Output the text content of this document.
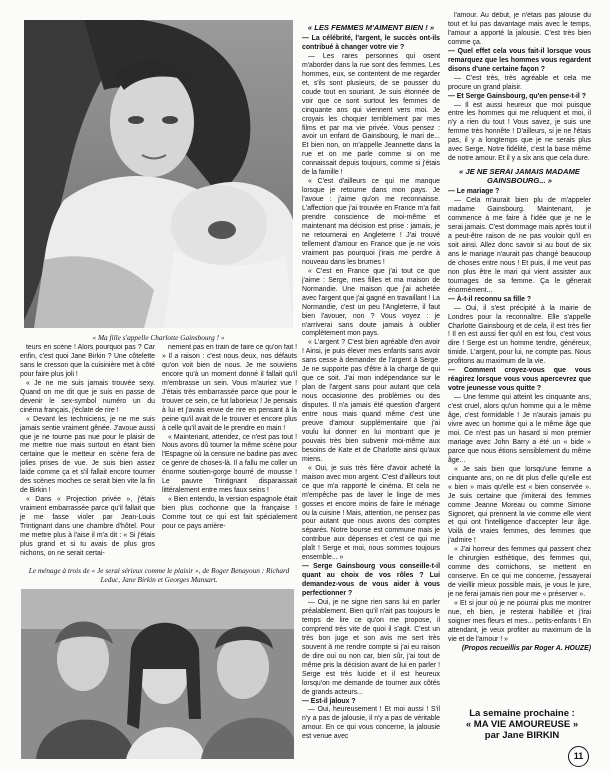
« Ma fille s'appelle Charlotte Gainsbourg ! »

teurs en scène ! Alors pourquoi pas ? Car enfin, c'est quoi Jane Birkin ? Une côtelette sans le cresson que la cuisinière met à côté pour faire plus joli !

« Je ne me suis jamais trouvée sexy. Quand on me dit que je suis en passe de devenir le sex-symbol numéro un du cinéma français, j'éclate de rire !

« Devant les techniciens, je ne me suis jamais sentie vraiment gênée. J'avoue aussi que je ne tourne pas nue pour le plaisir de me mettre nue mais surtout en étant bien certaine que le metteur en scène fera de jolies prises de vue. Je suis bien assez laide comme ça et s'il fallait encore tourner des scènes moches ce serait bien vite la fin de Birkin !

« Dans « Projection privée », j'étais vraiment embarrassée parce qu'il fallait que je me fasse violer par Jean-Louis Trintignant dans une chambre d'hôtel. Pour me mettre plus à l'aise il m'a dit : « Si j'étais plus grand et si tu avais de plus gros nichons, on ne serait certai-

nement pas en train de faire ce qu'on fait ! » Il a raison : c'est nous deux, nos défauts qu'on voit bien de nous. Je me souviens encore qu'à un moment donné il fallait qu'il m'embrasse un sein. Vous m'auriez vue ! J'étais très embarrassée parce que pour le trouver ce sein, ce fut laborieux ! Je pensais à lui et j'avais envie de rire en pensant à la peine qu'il avait de le trouver et encore plus à celle qu'il avait de le prendre en main !

« Maintenant, attendez, ce n'est pas tout ! Nous avons dû tourner la même scène pour l'Espagne où la censure ne badine pas avec ce genre de choses-là. Il a fallu me coller un énorme soutien-gorge bourré de mousse ! Le pauvre Trintignant disparaissait littéralement entre mes faux seins !

« Bien entendu, la version espagnole était bien plus cochonne que la française ! Comme tout ce qui est fait spécialement pour ce pays arrière-

Le ménage à trois de « Je serai sérieux comme le plaisir », de Roger Benayoun : Richard Leduc, Jane Birkin et Georges Mansart.
« LES FEMMES M'AIMENT BIEN ! »

— La célébrité, l'argent, le succès ont-ils contribué à changer votre vie ?

— Les rares personnes qui osent m'aborder dans la rue sont des femmes. Les hommes, eux, se contentent de me regarder et, s'ils sont plusieurs, de se pousser du coude tout en souriant. Je suis étonnée de voir que ce sont surtout les femmes de cinquante ans qui viennent vers moi. Je croyais les choquer terriblement par mes films et par ma vie privée. Vous pensez : avoir un enfant de Gainsbourg, le mari de... Et bien non, on m'appelle Jeannette dans la rue et on me parle comme si on me connaissait depuis toujours, comme si j'étais de la famille !

« C'est d'ailleurs ce qui me manque lorsque je retourne dans mon pays. Je l'avoue : j'aime qu'on me reconnaisse. L'affection que j'ai trouvée en France m'a fait prendre conscience de moi-même et maintenant ma décision est prise : jamais, je ne retournerai en Angleterre ! J'ai trouvé tellement d'amour en France que je ne vois vraiment pas pourquoi j'irais me perdre à nouveau dans les brumes !

« C'est en France que j'ai tout ce que j'aime : Serge, mes filles et ma maison de Normandie. Une maison que j'ai achetée avec l'argent que j'ai gagné en travaillant ! La Normandie, c'est un peu l'Angleterre, il faut bien l'avouer, non ? Vous voyez : je n'arriverai sans doute jamais à oublier complètement mon pays.

« L'argent ? C'est bien agréable d'en avoir ! Ainsi, je puis élever mes enfants sans avoir sans cesse à demander de l'argent à Serge. Je ne supporte pas d'être à la charge de qui que ce soit. J'ai mon indépendance sur le plan de l'argent sans pour autant que cela nous occasionne des problèmes ou des disputes. Il n'a jamais été question d'argent entre nous mais quand même c'est une preuve d'amour supplémentaire que j'ai voulu lui donner en lui montrant que je pouvais très bien subvenir moi-même aux besoins de Kate et de Charlotte ainsi qu'aux miens.

« Oui, je suis très fière d'avoir acheté la maison avec mon argent. C'est d'ailleurs tout ce que m'a rapporté le cinéma. Et cela ne m'empêche pas de laver le linge de mes gosses et encore moins de faire le ménage ou la cuisine ! Mais, attention, ne pensez pas pour autant que nous avons des comptes séparés. Notre bourse est commune mais je contribue aux dépenses et c'est ce qui me plaît ! Serge et moi, nous sommes toujours ensemble... »

— Serge Gainsbourg vous conseille-t-il quant au choix de vos rôles ? Lui demandez-vous de vous aider à vous perfectionner ?

— Oui, je ne signe rien sans lui en parler préalablement. Bien qu'il n'ait pas toujours le temps de lire ce qu'on me propose, il comprend très vite de quoi il s'agit. C'est un très bon juge et son avis me sert très souvent à me rendre compte si j'ai eu raison de dire oui ou non car, bien sûr, j'ai tout de même pris la décision avant de lui en parler ! Serge est très lucide et il est heureux lorsqu'on me demande de tourner aux côtés de grands acteurs...

— Est-il jaloux ?

— Oui, heureusement ! Et moi aussi ! S'il n'y a pas de jalousie, il n'y a pas de véritable amour. En ce qui vous concerne, la jalousie est venue avec

l'amour. Au début, je n'étais pas jalouse du tout et lui pas davantage mais avec le temps, l'amour a apporté la jalousie. C'est très bien comme ça.

— Quel effet cela vous fait-il lorsque vous remarquez que les hommes vous regardent disons d'une certaine façon ?

— C'est très, très agréable et cela me procure un grand plaisir.

— Et Serge Gainsbourg, qu'en pense-t-il ?

— Il est aussi heureux que moi puisque entre les hommes qui me reluquent et moi, il n'y a rien du tout ! Vous savez, je suis une femme très honnête ! D'ailleurs, si je ne l'étais pas, il y a longtemps que je ne serais plus avec Serge. Notre fidélité, c'est la base même de notre amour. Et il y a six ans que cela dure.

« JE NE SERAI JAMAIS MADAME GAINSBOURG... »

— Le mariage ?

— Cela m'aurait bien plu de m'appeler madame Gainsbourg. Maintenant, je commence à me faire à l'idée que je ne le serai jamais. C'est dommage mais après tout il a peut-être raison de ne pas vouloir qu'il en soit ainsi. Allez donc savoir si au bout de six ans le mariage n'aurait pas changé beaucoup de choses entre nous ! Et puis, il me veut pas non plus être le mari qui vient assister aux tournages de sa femme. Ça le gênerait énormément...

— À-t-il reconnu sa fille ?

— Oui, il s'est précipité à la mairie de Londres pour la reconnaître. Elle s'appelle Charlotte Gainsbourg et de cela, il est très fier ! Il en est aussi fier qu'il en est fou, c'est vous dire ! Serge est un homme tendre, généreux, timide. L'argent, pour lui, ne compte pas. Nous profitons au maximum de la vie.

— Comment croyez-vous que vous réagirez lorsque vous vous apercevrez que votre jeunesse vous quitte ?

— Une femme qui atteint les cinquante ans, c'est cruel, alors qu'un homme qui a le même âge, c'est formidable ! Je n'aurais jamais pu vivre avec un homme qui a le même âge que moi. Ce n'est pas un hasard si mon premier mariage avec John Barry a été un « bide » parce que nous étions sensiblement du même âge...

« Je sais bien que lorsqu'une femme a cinquante ans, on ne dit plus d'elle qu'elle est « bien » mais qu'elle est « bien conservée ». Je suis certaine que j'imiterai des femmes comme Jeanne Moreau ou comme Simone Signoret, qui prennent la vie comme elle vient et qui ont l'intelligence d'accepter leur âge. Voilà de vraies femmes, des femmes que j'admire !

« J'ai horreur des femmes qui passent chez le chirurgien esthétique, des femmes qui, comme des cornichons, se mettent en conserve. En ce qui me concerne, j'essayerai de vieillir mieux possible mais, je vous le jure, je ne ferai jamais rien pour me « préserver ».

« Et si jour où je ne pourrai plus me montrer nue, eh bien, je resterai habillée et j'irai soigner mes fleurs et mes... petits-enfants ! En attendant, je veux profiter au maximum de la vie et de l'amour ! »

(Propos recueillis par Roger A. HOUZE)

La semaine prochaine :
« MA VIE AMOUREUSE »
par Jane BIRKIN
11
